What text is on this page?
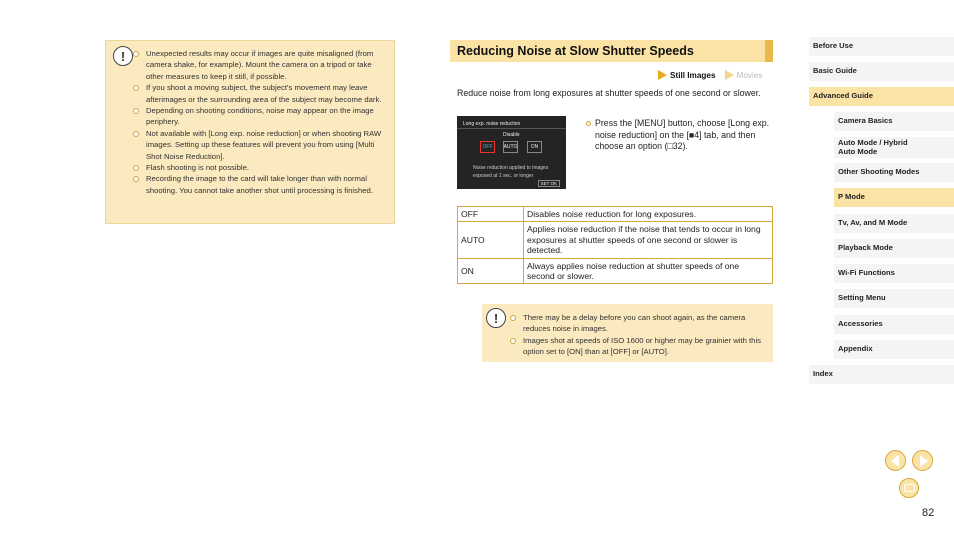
!	Unexpected results may occur if images are quite misaligned (from camera shake, for example). Mount the camera on a tripod or take other measures to keep it still, if possible.
If you shoot a moving subject, the subject's movement may leave afterimages or the surrounding area of the subject may become dark.
Depending on shooting conditions, noise may appear on the image periphery.
Not available with [Long exp. noise reduction] or when shooting RAW images. Setting up these features will prevent you from using [Multi Shot Noise Reduction].
Flash shooting is not possible.
Recording the image to the card will take longer than with normal shooting. You cannot take another shot until processing is finished.
Reducing Noise at Slow Shutter Speeds
Still Images	Movies

Reduce noise from long exposures at shutter speeds of one second or slower.

Long exp. noise reduction
Disable
OFF	AUTO	ON
Noise reduction applied to images exposed at 1 sec. or longer
SET OK

Press the [MENU] button, choose [Long exp. noise reduction] on the [■4] tab, and then choose an option (□32).

OFF	Disables noise reduction for long exposures.
AUTO	Applies noise reduction if the noise that tends to occur in long exposures at shutter speeds of one second or slower is detected.
ON	Always applies noise reduction at shutter speeds of one second or slower.
!	There may be a delay before you can shoot again, as the camera reduces noise in images.
Images shot at speeds of ISO 1600 or higher may be grainier with this option set to [ON] than at [OFF] or [AUTO].
Before Use
Basic Guide
Advanced Guide
Camera Basics
Auto Mode / Hybrid Auto Mode
Other Shooting Modes
P Mode
Tv, Av, and M Mode
Playback Mode
Wi-Fi Functions
Setting Menu
Accessories
Appendix
Index
82
